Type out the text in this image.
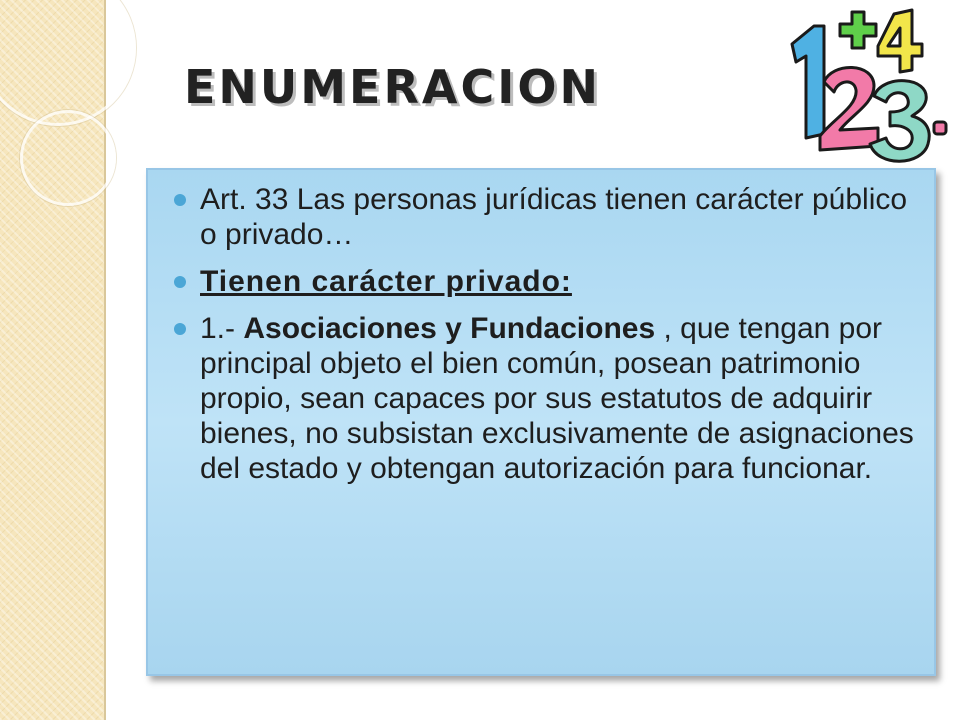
ENUMERACION
Art. 33 Las personas jurídicas tienen carácter público o privado…
Tienen carácter privado:
1.- Asociaciones y Fundaciones , que tengan por principal objeto el bien común, posean patrimonio propio, sean capaces por sus estatutos de adquirir bienes, no subsistan exclusivamente de asignaciones del estado y obtengan autorización para funcionar.
